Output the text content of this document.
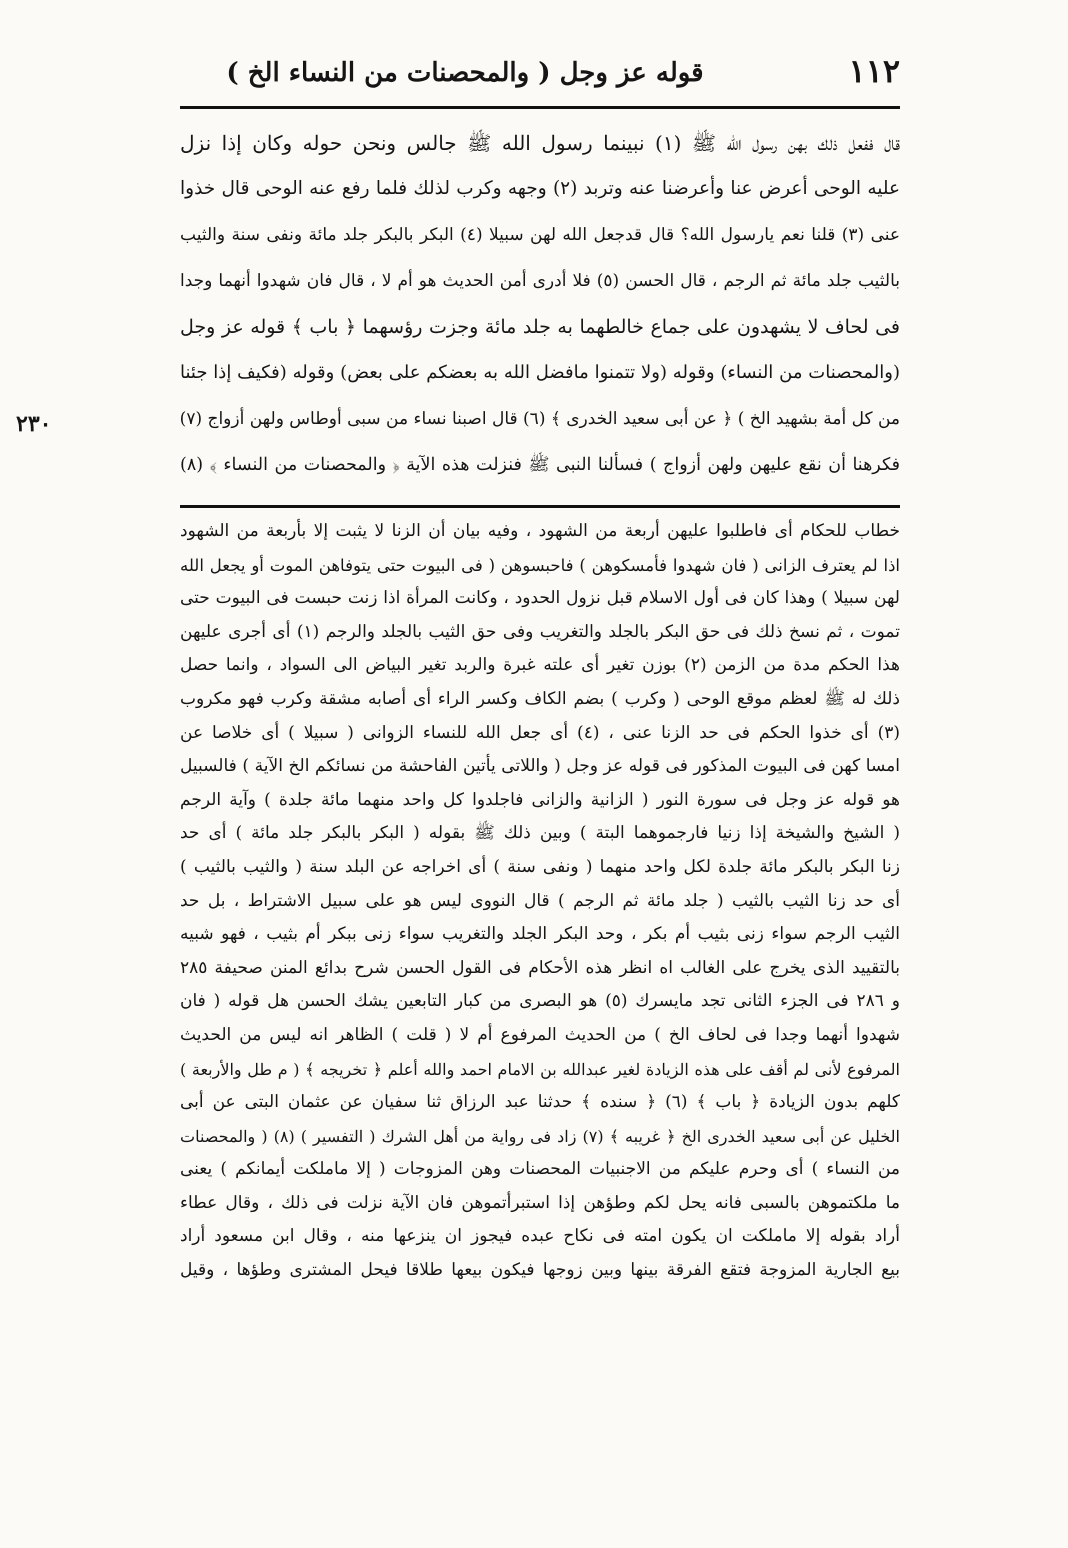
قوله عز وجل ( والمحصنات من النساء الخ )	١١٢
قال ففعل ذلك بهن رسول الله ﷺ (١) نبينما رسول الله ﷺ جالس ونحن حوله وكان إذا نزل
عليه الوحى أعرض عنا وأعرضنا عنه وتربد (٢) وجهه وكرب لذلك فلما رفع عنه الوحى قال خذوا
عنى (٣) قلنا نعم يارسول الله؟ قال قدجعل الله لهن سبيلا (٤) البكر بالبكر جلد مائة ونفى سنة والثيب
بالثيب جلد مائة ثم الرجم ، قال الحسن (٥) فلا أدرى أمن الحديث هو أم لا ، قال فان شهدوا أنهما وجدا
فى لحاف لا يشهدون على جماع خالطهما به جلد مائة وجزت رؤسهما ﴿ باب ﴾ قوله عز وجل
(والمحصنات من النساء) وقوله (ولا تتمنوا مافضل الله به بعضكم على بعض) وقوله (فكيف إذا جئنا
من كل أمة بشهيد الخ ) ﴿ عن أبى سعيد الخدرى ﴾ (٦) قال اصبنا نساء من سبى أوطاس ولهن أزواج (٧)
فكرهنا أن نقع عليهن ولهن أزواج ) فسألنا النبى ﷺ فنزلت هذه الآية ﴿ والمحصنات من النساء ﴾ (٨)
٢٣٠
خطاب للحكام أى فاطلبوا عليهن أربعة من الشهود ، وفيه بيان أن الزنا لا يثبت إلا بأربعة من الشهود
اذا لم يعترف الزانى ( فان شهدوا فأمسكوهن ) فاحبسوهن ( فى البيوت حتى يتوفاهن الموت أو يجعل الله
لهن سبيلا ) وهذا كان فى أول الاسلام قبل نزول الحدود ، وكانت المرأة اذا زنت حبست فى البيوت حتى
تموت ، ثم نسخ ذلك فى حق البكر بالجلد والتغريب وفى حق الثيب بالجلد والرجم (١) أى أجرى عليهن
هذا الحكم مدة من الزمن (٢) بوزن تغير أى علته غبرة والربد تغير البياض الى السواد ، وانما حصل
ذلك له ﷺ لعظم موقع الوحى ( وكرب ) بضم الكاف وكسر الراء أى أصابه مشقة وكرب فهو مكروب
(٣) أى خذوا الحكم فى حد الزنا عنى ، (٤) أى جعل الله للنساء الزوانى ( سبيلا ) أى خلاصا عن
امسا كهن فى البيوت المذكور فى قوله عز وجل ( واللاتى يأتين الفاحشة من نسائكم الخ الآية ) فالسبيل
هو قوله عز وجل فى سورة النور ( الزانية والزانى فاجلدوا كل واحد منهما مائة جلدة ) وآية الرجم
( الشيخ والشيخة إذا زنيا فارجموهما البتة ) وبين ذلك ﷺ بقوله ( البكر بالبكر جلد مائة ) أى حد
زنا البكر بالبكر مائة جلدة لكل واحد منهما ( ونفى سنة ) أى اخراجه عن البلد سنة ( والثيب بالثيب )
أى حد زنا الثيب بالثيب ( جلد مائة ثم الرجم ) قال النووى ليس هو على سبيل الاشتراط ، بل حد
الثيب الرجم سواء زنى بثيب أم بكر ، وحد البكر الجلد والتغريب سواء زنى ببكر أم بثيب ، فهو شبيه
بالتقييد الذى يخرج على الغالب اه انظر هذه الأحكام فى القول الحسن شرح بدائع المنن صحيفة ٢٨٥
و ٢٨٦ فى الجزء الثانى تجد مايسرك (٥) هو البصرى من كبار التابعين يشك الحسن هل قوله ( فان
شهدوا أنهما وجدا فى لحاف الخ ) من الحديث المرفوع أم لا ( قلت ) الظاهر انه ليس من الحديث
المرفوع لأنى لم أقف على هذه الزيادة لغير عبدالله بن الامام احمد والله أعلم ﴿ تخريجه ﴾ ( م طل والأربعة )
كلهم بدون الزيادة ﴿ باب ﴾ (٦) ﴿ سنده ﴾ حدثنا عبد الرزاق ثنا سفيان عن عثمان البتى عن أبى
الخليل عن أبى سعيد الخدرى الخ ﴿ غريبه ﴾ (٧) زاد فى رواية من أهل الشرك ( التفسير ) (٨) ( والمحصنات
من النساء ) أى وحرم عليكم من الاجنبيات المحصنات وهن المزوجات ( إلا ماملكت أيمانكم ) يعنى
ما ملكتموهن بالسبى فانه يحل لكم وطؤهن إذا استبرأتموهن فان الآية نزلت فى ذلك ، وقال عطاء
أراد بقوله إلا ماملكت ان يكون امته فى نكاح عبده فيجوز ان ينزعها منه ، وقال ابن مسعود أراد
بيع الجارية المزوجة فتقع الفرقة بينها وبين زوجها فيكون بيعها طلاقا فيحل المشترى وطؤها ، وقيل
